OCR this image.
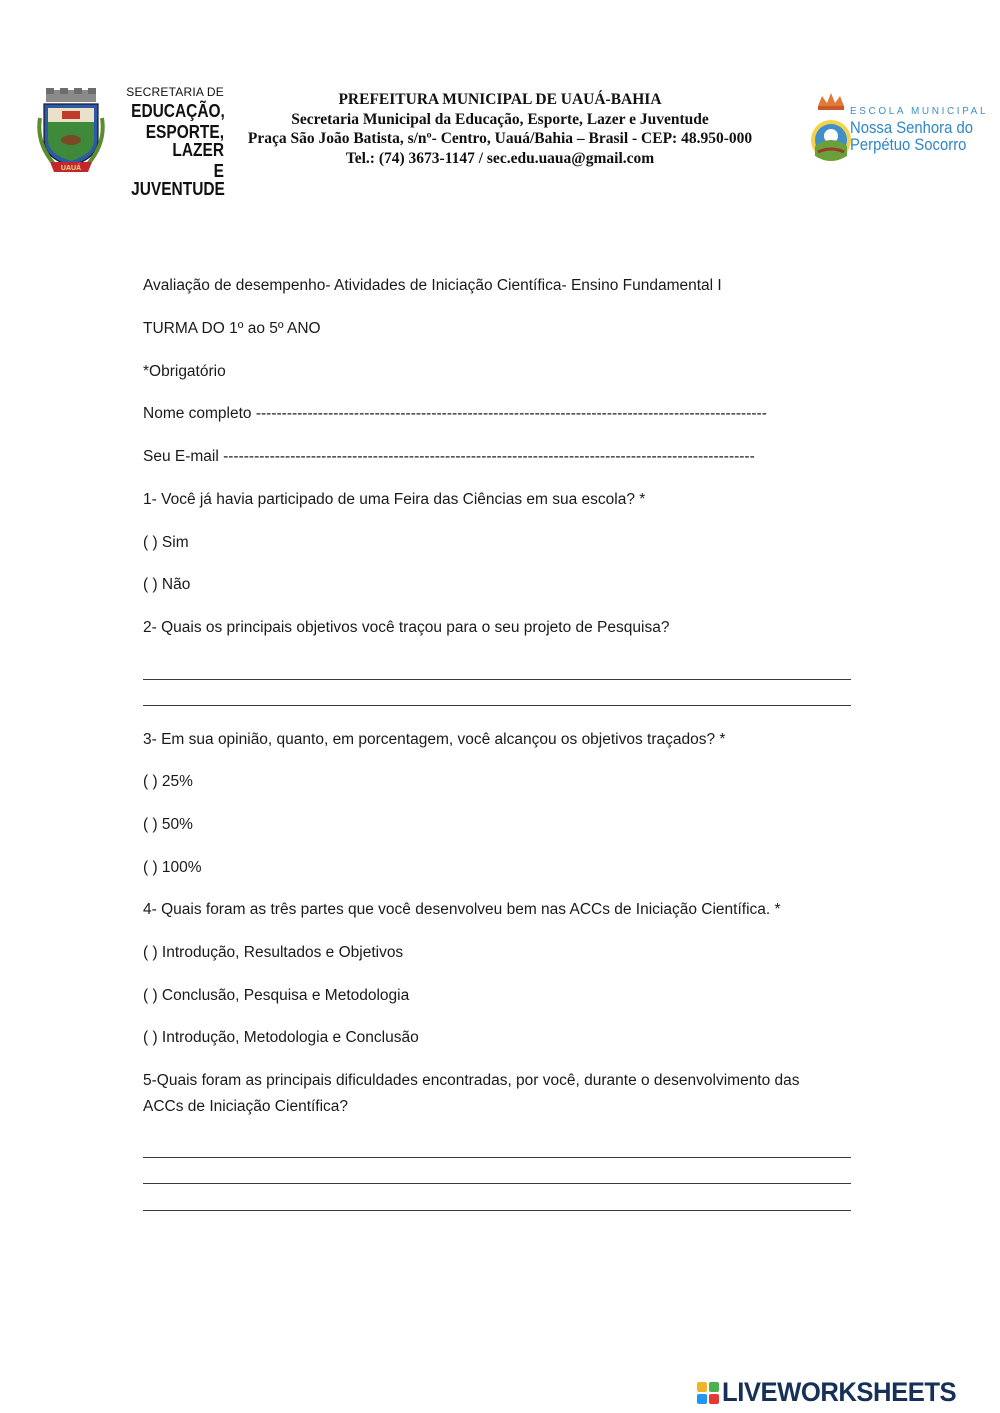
UAUÁ
SECRETARIA DE
EDUCAÇÃO,
ESPORTE, LAZER
E JUVENTUDE
PREFEITURA MUNICIPAL DE UAUÁ-BAHIA
Secretaria Municipal da Educação, Esporte, Lazer e Juventude
Praça São João Batista, s/nº- Centro, Uauá/Bahia – Brasil - CEP: 48.950-000
Tel.: (74) 3673-1147 / sec.edu.uaua@gmail.com
ESCOLA MUNICIPAL
Nossa Senhora do
Perpétuo Socorro
Avaliação de desempenho- Atividades de Iniciação Científica- Ensino Fundamental I
TURMA DO 1º ao 5º ANO
*Obrigatório
Nome completo ---------------------------------------------------------------------------------------------------
Seu E-mail -------------------------------------------------------------------------------------------------------
1- Você já havia participado de uma Feira das Ciências em sua escola? *
( ) Sim
( ) Não
2- Quais os principais objetivos você traçou para o seu projeto de Pesquisa?
3- Em sua opinião, quanto, em porcentagem, você alcançou os objetivos traçados? *
( ) 25%
( ) 50%
( ) 100%
4- Quais foram as três partes que você desenvolveu bem nas ACCs de Iniciação Científica. *
( ) Introdução, Resultados e Objetivos
( ) Conclusão, Pesquisa e Metodologia
( ) Introdução, Metodologia e Conclusão
5-Quais foram as principais dificuldades encontradas, por você, durante o desenvolvimento das ACCs de Iniciação Científica?
LIVEWORKSHEETS
